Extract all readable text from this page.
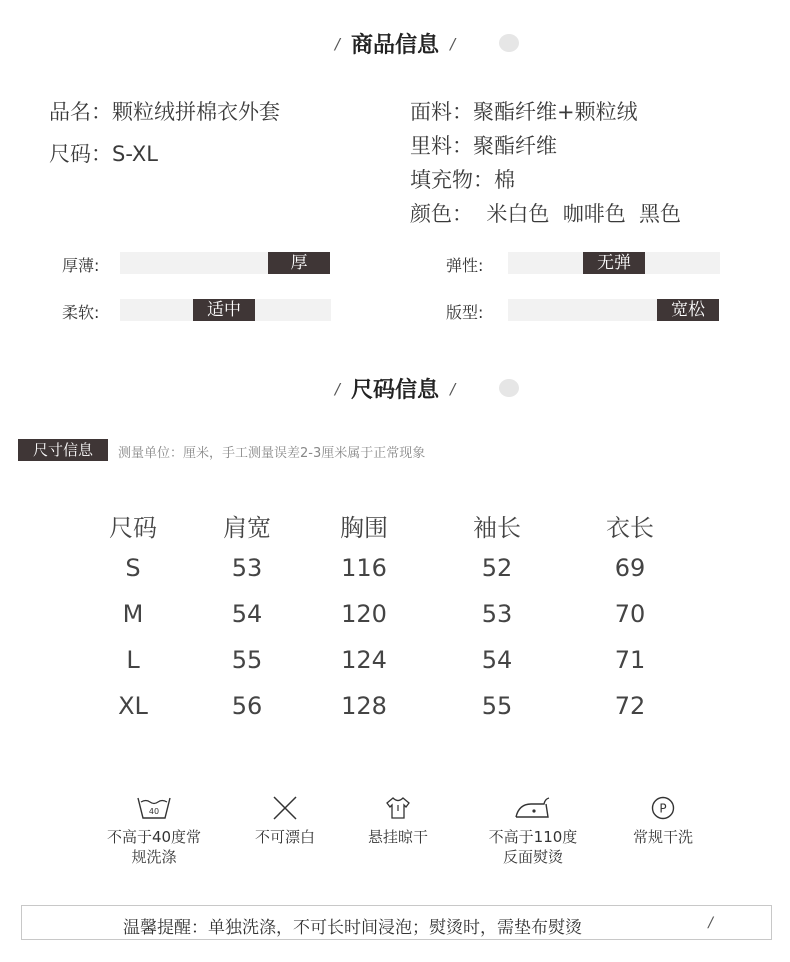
/ 商品信息 /
品名：颗粒绒拼棉衣外套
尺码：S-XL
面料：聚酯纤维+颗粒绒
里料：聚酯纤维
填充物：棉
颜色：  米白色  咖啡色  黑色
厚薄:	厚	弹性:	无弹
柔软:	适中	版型:	宽松
/ 尺码信息 /
尺寸信息	测量单位：厘米，手工测量误差2-3厘米属于正常现象
尺码	肩宽	胸围	袖长	衣长
S	53	116	52	69
M	54	120	53	70
L	55	124	54	71
XL	56	128	55	72
40
不高于40度常
规洗涤
不可漂白	悬挂晾干	不高于110度
反面熨烫
P
常规干洗
温馨提醒：单独洗涤，不可长时间浸泡；熨烫时，需垫布熨烫	/
